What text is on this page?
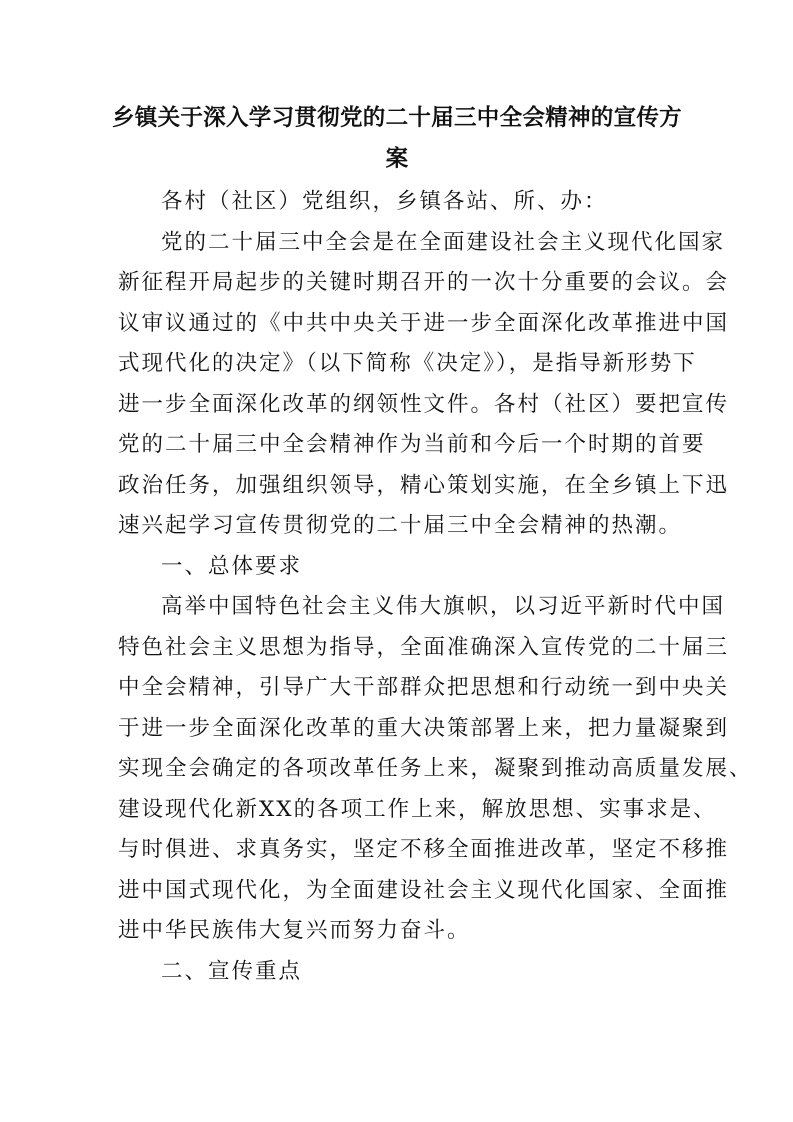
乡镇关于深入学习贯彻党的二十届三中全会精神的宣传方
案
各村（社区）党组织，乡镇各站、所、办：
党的二十届三中全会是在全面建设社会主义现代化国家
新征程开局起步的关键时期召开的一次十分重要的会议。会
议审议通过的《中共中央关于进一步全面深化改革推进中国
式现代化的决定》（以下简称《决定》），是指导新形势下
进一步全面深化改革的纲领性文件。各村（社区）要把宣传
党的二十届三中全会精神作为当前和今后一个时期的首要
政治任务，加强组织领导，精心策划实施，在全乡镇上下迅
速兴起学习宣传贯彻党的二十届三中全会精神的热潮。
一、总体要求
高举中国特色社会主义伟大旗帜，以习近平新时代中国
特色社会主义思想为指导，全面准确深入宣传党的二十届三
中全会精神，引导广大干部群众把思想和行动统一到中央关
于进一步全面深化改革的重大决策部署上来，把力量凝聚到
实现全会确定的各项改革任务上来，凝聚到推动高质量发展、
建设现代化新XX的各项工作上来，解放思想、实事求是、
与时俱进、求真务实，坚定不移全面推进改革，坚定不移推
进中国式现代化，为全面建设社会主义现代化国家、全面推
进中华民族伟大复兴而努力奋斗。
二、宣传重点
